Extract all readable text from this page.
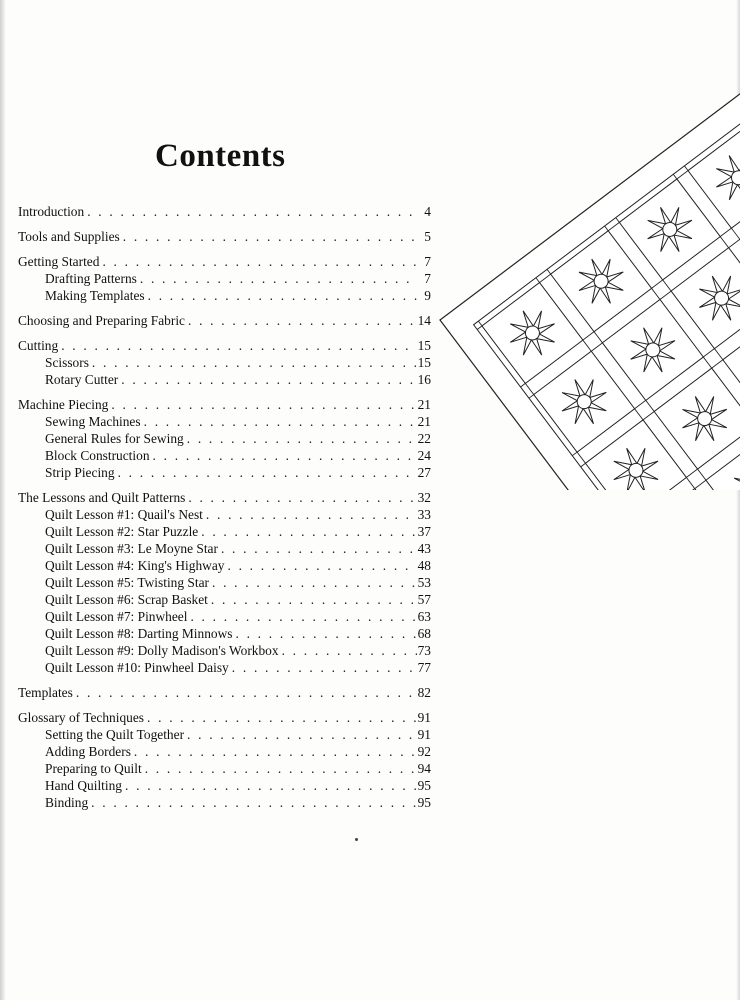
Contents
Introduction . . .	4
Tools and Supplies . . .	5
Getting Started . . .	7
Drafting Patterns . . .	7
Making Templates . . .	9
Choosing and Preparing Fabric . . .	14
Cutting . . .	15
Scissors . . .	15
Rotary Cutter . . .	16
Machine Piecing . . .	21
Sewing Machines . . .	21
General Rules for Sewing . . .	22
Block Construction . . .	24
Strip Piecing . . .	27
The Lessons and Quilt Patterns . . .	32
Quilt Lesson #1: Quail's Nest . . .	33
Quilt Lesson #2: Star Puzzle . . .	37
Quilt Lesson #3: Le Moyne Star . . .	43
Quilt Lesson #4: King's Highway . . .	48
Quilt Lesson #5: Twisting Star . . .	53
Quilt Lesson #6: Scrap Basket . . .	57
Quilt Lesson #7: Pinwheel . . .	63
Quilt Lesson #8: Darting Minnows . . .	68
Quilt Lesson #9: Dolly Madison's Workbox . . .	73
Quilt Lesson #10: Pinwheel Daisy . . .	77
Templates . . .	82
Glossary of Techniques . . .	91
Setting the Quilt Together . . .	91
Adding Borders . . .	92
Preparing to Quilt . . .	94
Hand Quilting . . .	95
Binding . . .	95
